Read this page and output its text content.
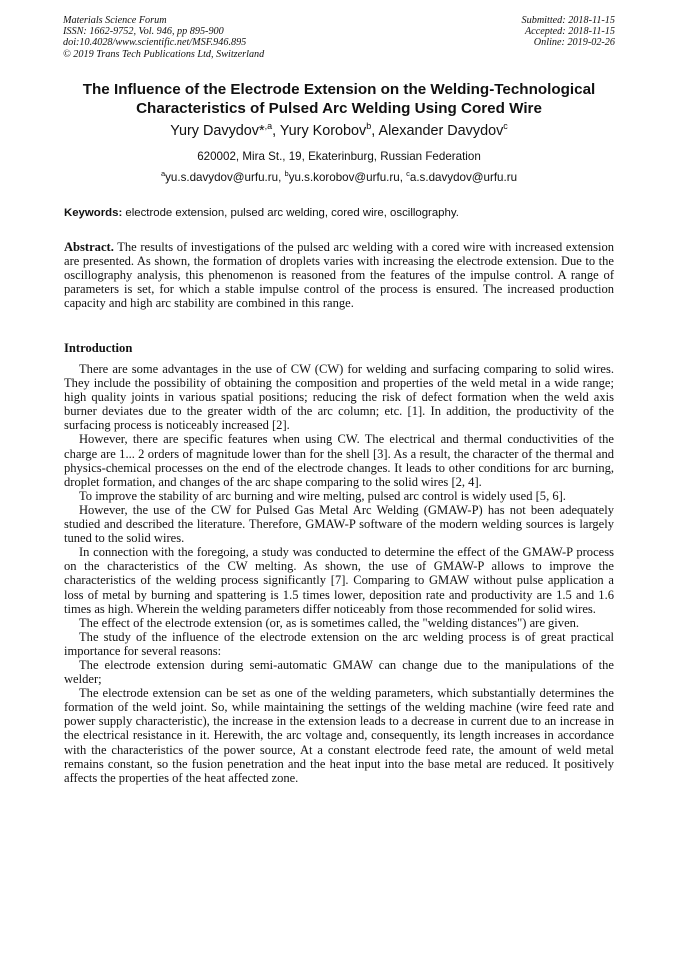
Materials Science Forum
ISSN: 1662-9752, Vol. 946, pp 895-900
doi:10.4028/www.scientific.net/MSF.946.895
© 2019 Trans Tech Publications Ltd, Switzerland
Submitted: 2018-11-15
Accepted: 2018-11-15
Online: 2019-02-26
The Influence of the Electrode Extension on the Welding-Technological
Characteristics of Pulsed Arc Welding Using Cored Wire
Yury Davydov*$^{,a}$, Yury Korobov$^b$, Alexander Davydov$^c$
620002, Mira St., 19, Ekaterinburg, Russian Federation
$^a$yu.s.davydov@urfu.ru, $^b$yu.s.korobov@urfu.ru, $^c$a.s.davydov@urfu.ru
Keywords: electrode extension, pulsed arc welding, cored wire, oscillography.

Abstract. The results of investigations of the pulsed arc welding with a cored wire with increased extension are presented. As shown, the formation of droplets varies with increasing the electrode extension. Due to the oscillography analysis, this phenomenon is reasoned from the features of the impulse control. A range of parameters is set, for which a stable impulse control of the process is ensured. The increased production capacity and high arc stability are combined in this range.

Introduction

There are some advantages in the use of CW (CW) for welding and surfacing comparing to solid wires. They include the possibility of obtaining the composition and properties of the weld metal in a wide range; high quality joints in various spatial positions; reducing the risk of defect formation when the weld axis burner deviates due to the greater width of the arc column; etc. [1]. In addition, the productivity of the surfacing process is noticeably increased [2].

However, there are specific features when using CW. The electrical and thermal conductivities of the charge are 1... 2 orders of magnitude lower than for the shell [3]. As a result, the character of the thermal and physics-chemical processes on the end of the electrode changes. It leads to other conditions for arc burning, droplet formation, and changes of the arc shape comparing to the solid wires [2, 4].

To improve the stability of arc burning and wire melting, pulsed arc control is widely used [5, 6].

However, the use of the CW for Pulsed Gas Metal Arc Welding (GMAW-P) has not been adequately studied and described the literature. Therefore, GMAW-P software of the modern welding sources is largely tuned to the solid wires.

In connection with the foregoing, a study was conducted to determine the effect of the GMAW-P process on the characteristics of the CW melting. As shown, the use of GMAW-P allows to improve the characteristics of the welding process significantly [7]. Comparing to GMAW without pulse application a loss of metal by burning and spattering is 1.5 times lower, deposition rate and productivity are 1.5 and 1.6 times as high. Wherein the welding parameters differ noticeably from those recommended for solid wires.

The effect of the electrode extension (or, as is sometimes called, the "welding distances") are given.

The study of the influence of the electrode extension on the arc welding process is of great practical importance for several reasons:

The electrode extension during semi-automatic GMAW can change due to the manipulations of the welder;

The electrode extension can be set as one of the welding parameters, which substantially determines the formation of the weld joint. So, while maintaining the settings of the welding machine (wire feed rate and power supply characteristic), the increase in the extension leads to a decrease in current due to an increase in the electrical resistance in it. Herewith, the arc voltage and, consequently, its length increases in accordance with the characteristics of the power source, At a constant electrode feed rate, the amount of weld metal remains constant, so the fusion penetration and the heat input into the base metal are reduced. It positively affects the properties of the heat affected zone.
